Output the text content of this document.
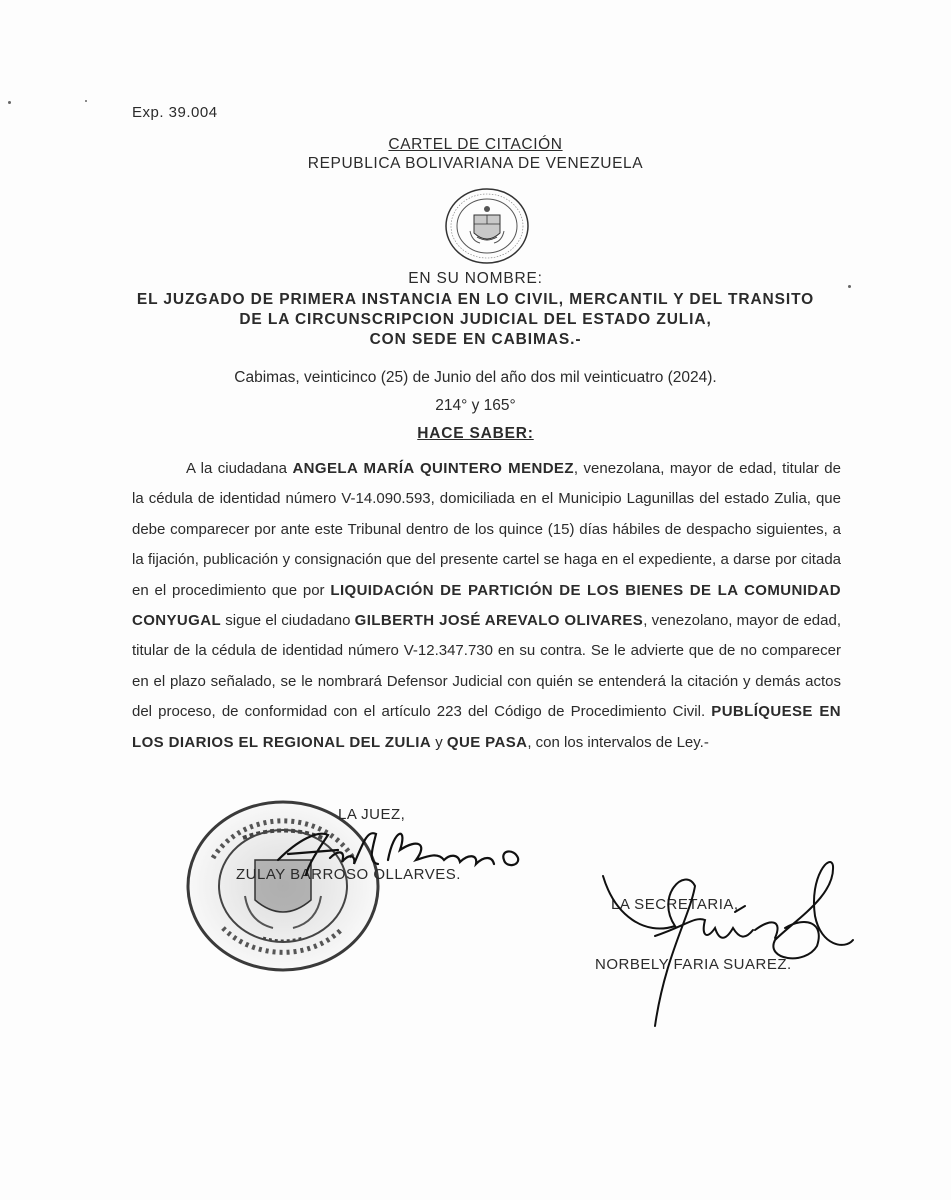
Exp. 39.004
CARTEL DE CITACIÓN
REPUBLICA BOLIVARIANA DE VENEZUELA
EN SU NOMBRE:
EL JUZGADO DE PRIMERA INSTANCIA EN LO CIVIL, MERCANTIL Y DEL TRANSITO
DE LA CIRCUNSCRIPCION JUDICIAL DEL ESTADO ZULIA,
CON SEDE EN CABIMAS.-
Cabimas, veinticinco (25) de Junio del año dos mil veinticuatro (2024).
214° y 165°
HACE SABER:
A la ciudadana ANGELA MARÍA QUINTERO MENDEZ, venezolana, mayor de edad, titular de la cédula de identidad número V-14.090.593, domiciliada en el Municipio Lagunillas del estado Zulia, que debe comparecer por ante este Tribunal dentro de los quince (15) días hábiles de despacho siguientes, a la fijación, publicación y consignación que del presente cartel se haga en el expediente, a darse por citada en el procedimiento que por LIQUIDACIÓN DE PARTICIÓN DE LOS BIENES DE LA COMUNIDAD CONYUGAL sigue el ciudadano GILBERTH JOSÉ AREVALO OLIVARES, venezolano, mayor de edad, titular de la cédula de identidad número V-12.347.730 en su contra. Se le advierte que de no comparecer en el plazo señalado, se le nombrará Defensor Judicial con quién se entenderá la citación y demás actos del proceso, de conformidad con el artículo 223 del Código de Procedimiento Civil. PUBLÍQUESE EN LOS DIARIOS EL REGIONAL DEL ZULIA y QUE PASA, con los intervalos de Ley.-
LA JUEZ,
ZULAY BARROSO OLLARVES.
LA SECRETARIA,
NORBELY FARIA SUAREZ.
